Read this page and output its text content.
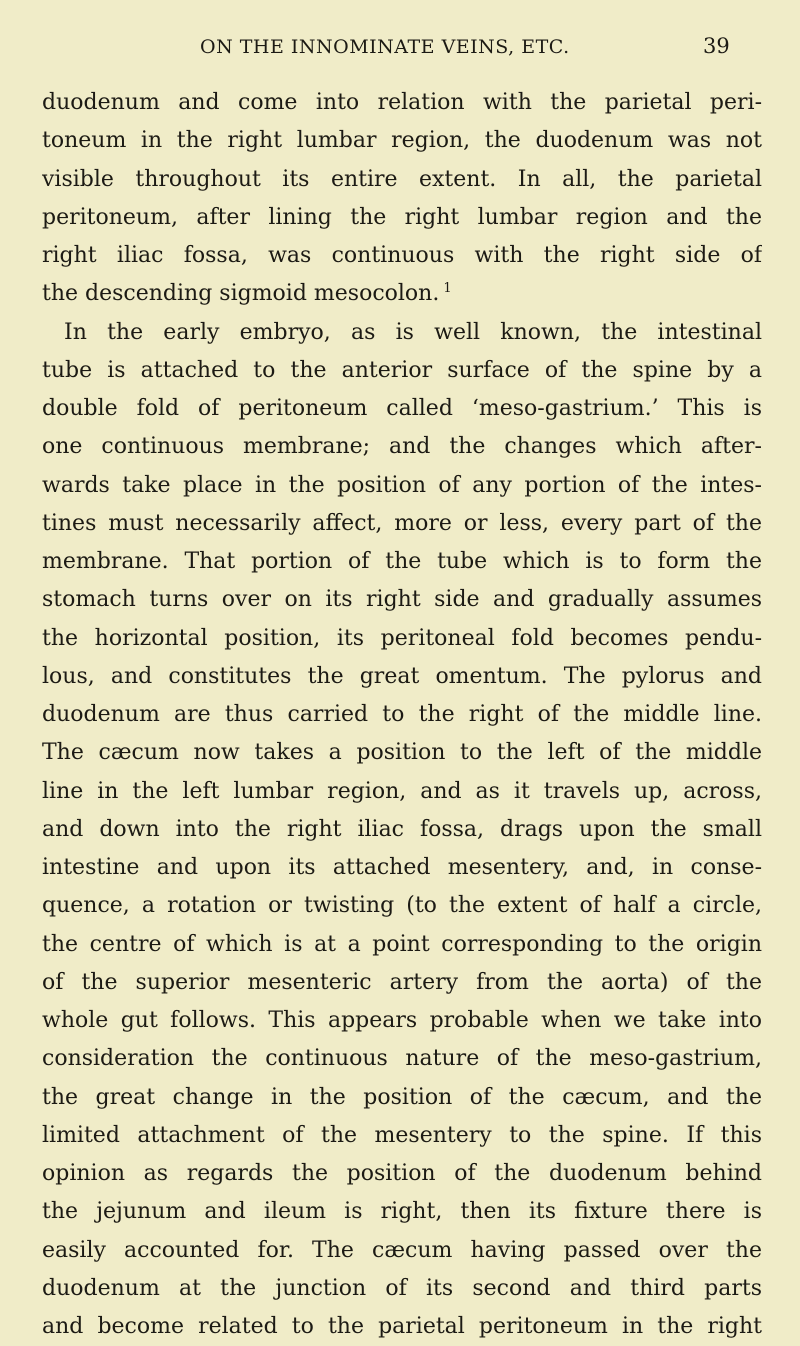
ON THE INNOMINATE VEINS, ETC.	39
duodenum and come into relation with the parietal peri-
toneum in the right lumbar region, the duodenum was not
visible throughout its entire extent. In all, the parietal
peritoneum, after lining the right lumbar region and the
right iliac fossa, was continuous with the right side of
the descending sigmoid mesocolon. $^1$
In the early embryo, as is well known, the intestinal
tube is attached to the anterior surface of the spine by a
double fold of peritoneum called ‘meso-gastrium.’ This is
one continuous membrane; and the changes which after-
wards take place in the position of any portion of the intes-
tines must necessarily affect, more or less, every part of the
membrane. That portion of the tube which is to form the
stomach turns over on its right side and gradually assumes
the horizontal position, its peritoneal fold becomes pendu-
lous, and constitutes the great omentum. The pylorus and
duodenum are thus carried to the right of the middle line.
The cæcum now takes a position to the left of the middle
line in the left lumbar region, and as it travels up, across,
and down into the right iliac fossa, drags upon the small
intestine and upon its attached mesentery, and, in conse-
quence, a rotation or twisting (to the extent of half a circle,
the centre of which is at a point corresponding to the origin
of the superior mesenteric artery from the aorta) of the
whole gut follows. This appears probable when we take into
consideration the continuous nature of the meso-gastrium,
the great change in the position of the cæcum, and the
limited attachment of the mesentery to the spine. If this
opinion as regards the position of the duodenum behind
the jejunum and ileum is right, then its fixture there is
easily accounted for. The cæcum having passed over the
duodenum at the junction of its second and third parts
and become related to the parietal peritoneum in the right
